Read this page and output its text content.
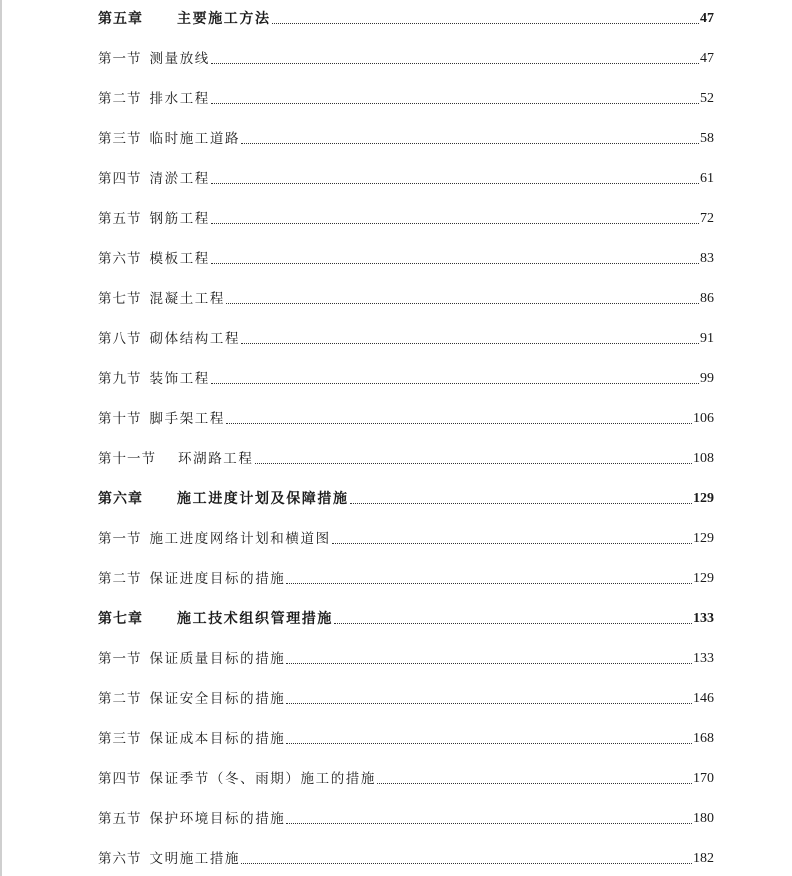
第五章 主要施工方法	47
第一节 测量放线	47
第二节 排水工程	52
第三节 临时施工道路	58
第四节 清淤工程	61
第五节 钢筋工程	72
第六节 模板工程	83
第七节 混凝土工程	86
第八节 砌体结构工程	91
第九节 装饰工程	99
第十节 脚手架工程	106
第十一节 环湖路工程	108
第六章 施工进度计划及保障措施	129
第一节 施工进度网络计划和横道图	129
第二节 保证进度目标的措施	129
第七章 施工技术组织管理措施	133
第一节 保证质量目标的措施	133
第二节 保证安全目标的措施	146
第三节 保证成本目标的措施	168
第四节 保证季节（冬、雨期）施工的措施	170
第五节 保护环境目标的措施	180
第六节 文明施工措施	182
